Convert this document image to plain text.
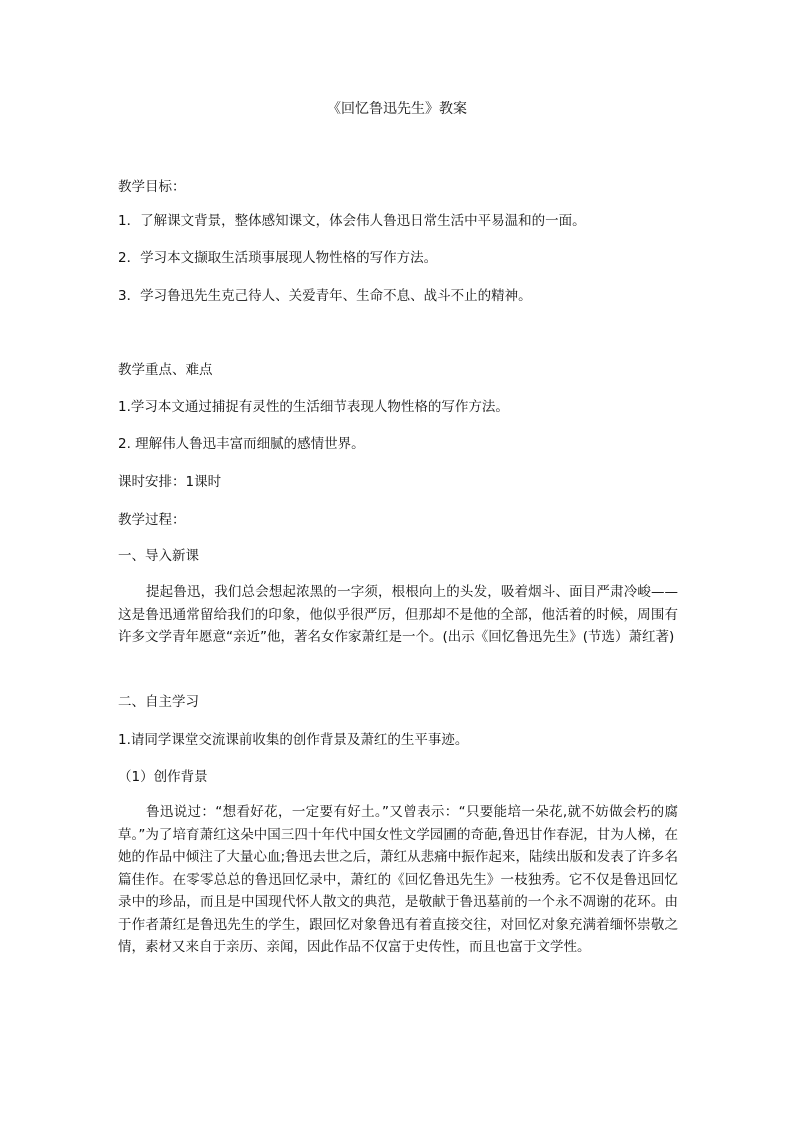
《回忆鲁迅先生》教案
教学目标：
1．了解课文背景，整体感知课文，体会伟人鲁迅日常生活中平易温和的一面。
2．学习本文撷取生活琐事展现人物性格的写作方法。
3．学习鲁迅先生克己待人、关爱青年、生命不息、战斗不止的精神。
教学重点、难点
1.学习本文通过捕捉有灵性的生活细节表现人物性格的写作方法。
2. 理解伟人鲁迅丰富而细腻的感情世界。
课时安排：1课时
教学过程：
一、导入新课
提起鲁迅，我们总会想起浓黑的一字须，根根向上的头发，吸着烟斗、面目严肃冷峻——这是鲁迅通常留给我们的印象，他似乎很严厉，但那却不是他的全部，他活着的时候，周围有许多文学青年愿意“亲近”他，著名女作家萧红是一个。(出示《回忆鲁迅先生》(节选）萧红著)
二、自主学习
1.请同学课堂交流课前收集的创作背景及萧红的生平事迹。
（1）创作背景
鲁迅说过：“想看好花，一定要有好土。”又曾表示：“只要能培一朵花,就不妨做会朽的腐草。”为了培育萧红这朵中国三四十年代中国女性文学园圃的奇葩,鲁迅甘作春泥，甘为人梯，在她的作品中倾注了大量心血;鲁迅去世之后，萧红从悲痛中振作起来，陆续出版和发表了许多名篇佳作。在零零总总的鲁迅回忆录中，萧红的《回忆鲁迅先生》一枝独秀。它不仅是鲁迅回忆录中的珍品，而且是中国现代怀人散文的典范，是敬献于鲁迅墓前的一个永不凋谢的花环。由于作者萧红是鲁迅先生的学生，跟回忆对象鲁迅有着直接交往，对回忆对象充满着缅怀崇敬之情，素材又来自于亲历、亲闻，因此作品不仅富于史传性，而且也富于文学性。
